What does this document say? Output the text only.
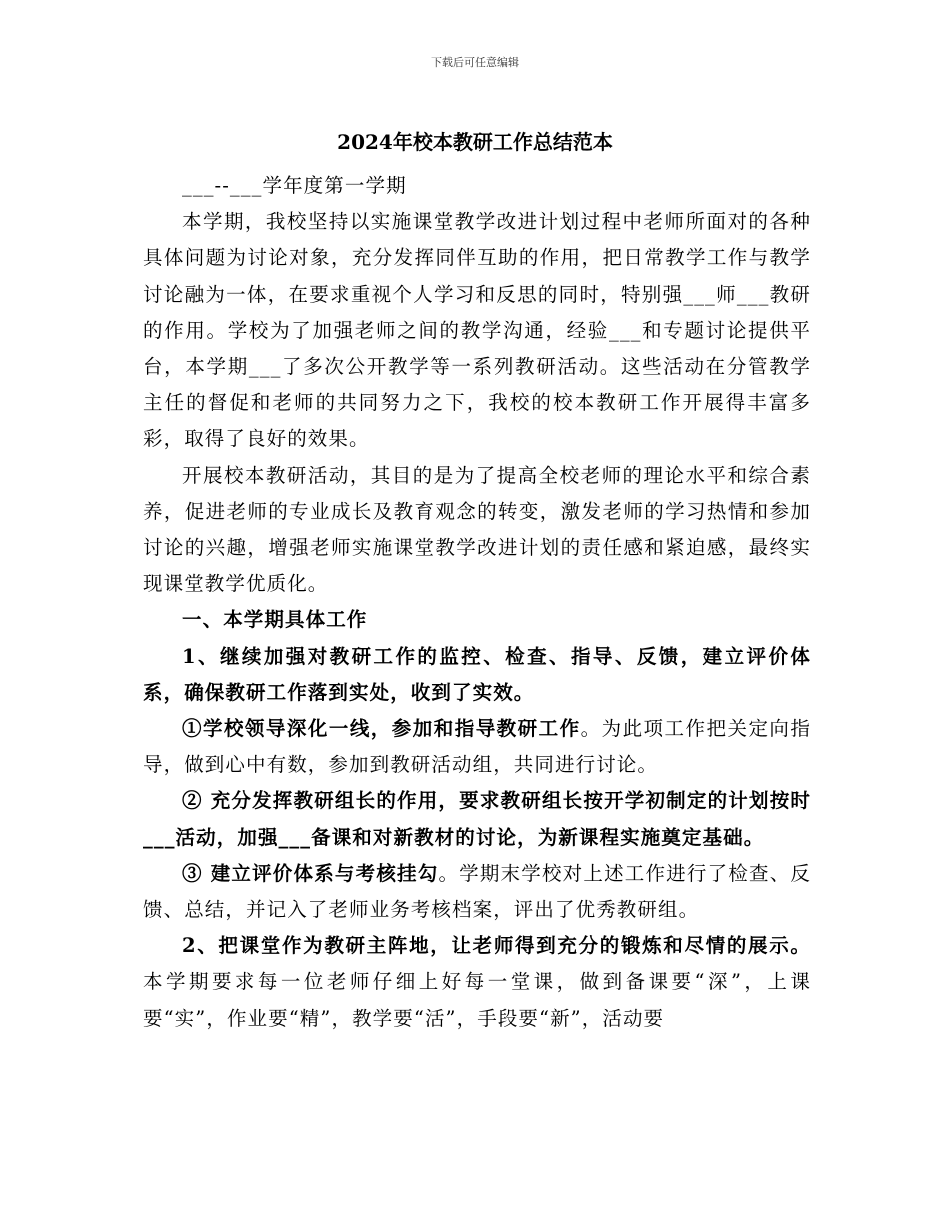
下载后可任意编辑
2024年校本教研工作总结范本

___--___学年度第一学期

本学期，我校坚持以实施课堂教学改进计划过程中老师所面对的各种具体问题为讨论对象，充分发挥同伴互助的作用，把日常教学工作与教学讨论融为一体，在要求重视个人学习和反思的同时，特别强___师___教研的作用。学校为了加强老师之间的教学沟通，经验___和专题讨论提供平台，本学期___了多次公开教学等一系列教研活动。这些活动在分管教学主任的督促和老师的共同努力之下，我校的校本教研工作开展得丰富多彩，取得了良好的效果。

开展校本教研活动，其目的是为了提高全校老师的理论水平和综合素养，促进老师的专业成长及教育观念的转变，激发老师的学习热情和参加讨论的兴趣，增强老师实施课堂教学改进计划的责任感和紧迫感，最终实现课堂教学优质化。

一、本学期具体工作

1、继续加强对教研工作的监控、检查、指导、反馈，建立评价体系，确保教研工作落到实处，收到了实效。

①学校领导深化一线，参加和指导教研工作。为此项工作把关定向指导，做到心中有数，参加到教研活动组，共同进行讨论。

② 充分发挥教研组长的作用，要求教研组长按开学初制定的计划按时___活动，加强___备课和对新教材的讨论，为新课程实施奠定基础。

③ 建立评价体系与考核挂勾。学期末学校对上述工作进行了检查、反馈、总结，并记入了老师业务考核档案，评出了优秀教研组。

2、把课堂作为教研主阵地，让老师得到充分的锻炼和尽情的展示。本学期要求每一位老师仔细上好每一堂课，做到备课要“深”，上课要“实”，作业要“精”，教学要“活”，手段要“新”，活动要
